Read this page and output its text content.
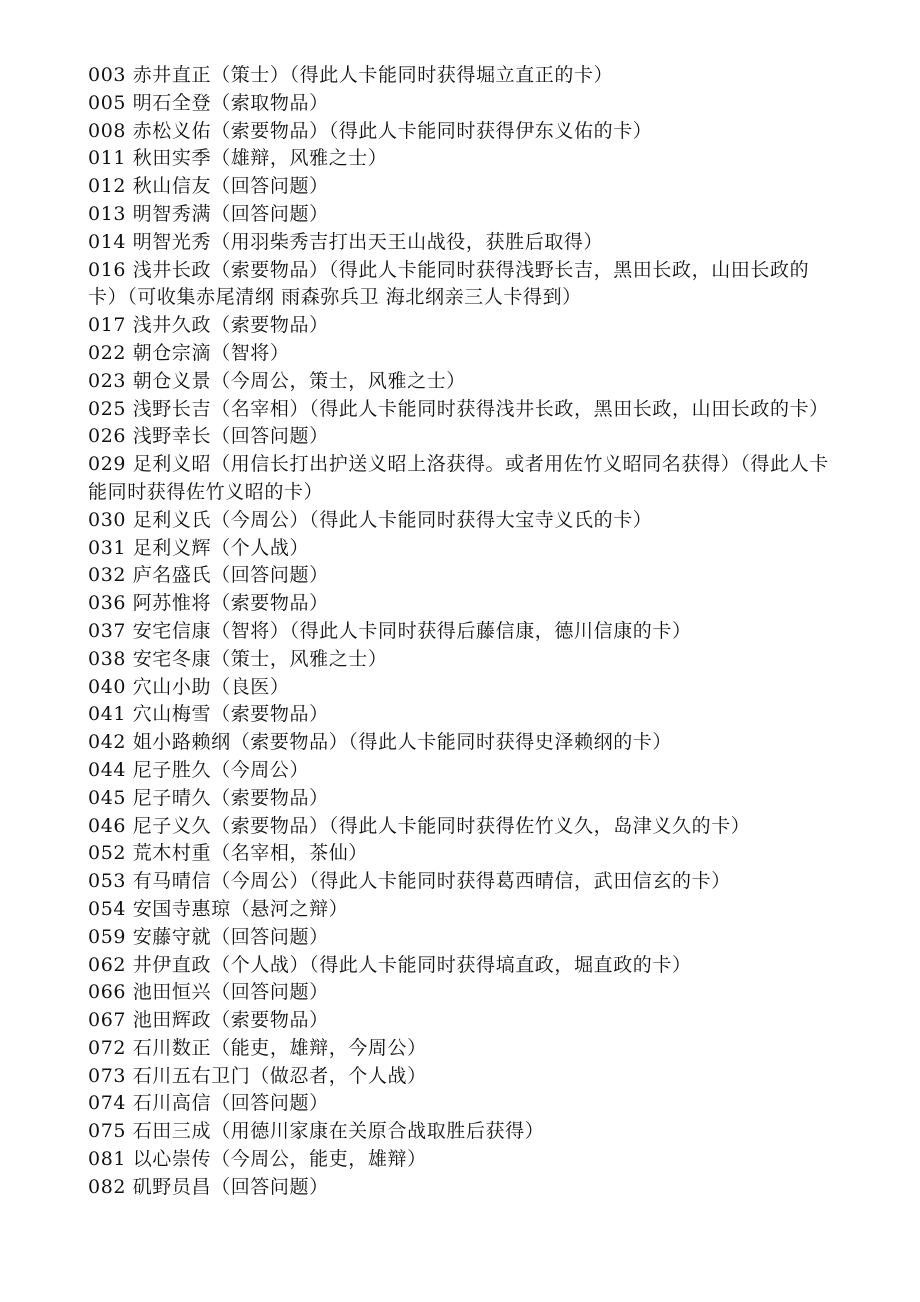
003 赤井直正（策士）（得此人卡能同时获得堀立直正的卡）

005 明石全登（索取物品）

008 赤松义佑（索要物品）（得此人卡能同时获得伊东义佑的卡）

011 秋田实季（雄辩，风雅之士）

012 秋山信友（回答问题）

013 明智秀满（回答问题）

014 明智光秀（用羽柴秀吉打出天王山战役，获胜后取得）

016 浅井长政（索要物品）（得此人卡能同时获得浅野长吉，黑田长政，山田长政的卡）（可收集赤尾清纲 雨森弥兵卫 海北纲亲三人卡得到）

017 浅井久政（索要物品）

022 朝仓宗滴（智将）

023 朝仓义景（今周公，策士，风雅之士）

025 浅野长吉（名宰相）（得此人卡能同时获得浅井长政，黑田长政，山田长政的卡）

026 浅野幸长（回答问题）

029 足利义昭（用信长打出护送义昭上洛获得。或者用佐竹义昭同名获得）（得此人卡能同时获得佐竹义昭的卡）

030 足利义氏（今周公）（得此人卡能同时获得大宝寺义氏的卡）

031 足利义辉（个人战）

032 庐名盛氏（回答问题）

036 阿苏惟将（索要物品）

037 安宅信康（智将）（得此人卡同时获得后藤信康，德川信康的卡）

038 安宅冬康（策士，风雅之士）

040 穴山小助（良医）

041 穴山梅雪（索要物品）

042 姐小路赖纲（索要物品）（得此人卡能同时获得史泽赖纲的卡）

044 尼子胜久（今周公）

045 尼子晴久（索要物品）

046 尼子义久（索要物品）（得此人卡能同时获得佐竹义久，岛津义久的卡）

052 荒木村重（名宰相，茶仙）

053 有马晴信（今周公）（得此人卡能同时获得葛西晴信，武田信玄的卡）

054 安国寺惠琼（悬河之辩）

059 安藤守就（回答问题）

062 井伊直政（个人战）（得此人卡能同时获得塙直政，堀直政的卡）

066 池田恒兴（回答问题）

067 池田辉政（索要物品）

072 石川数正（能吏，雄辩，今周公）

073 石川五右卫门（做忍者，个人战）

074 石川高信（回答问题）

075 石田三成（用德川家康在关原合战取胜后获得）

081 以心崇传（今周公，能吏，雄辩）

082 矶野员昌（回答问题）
